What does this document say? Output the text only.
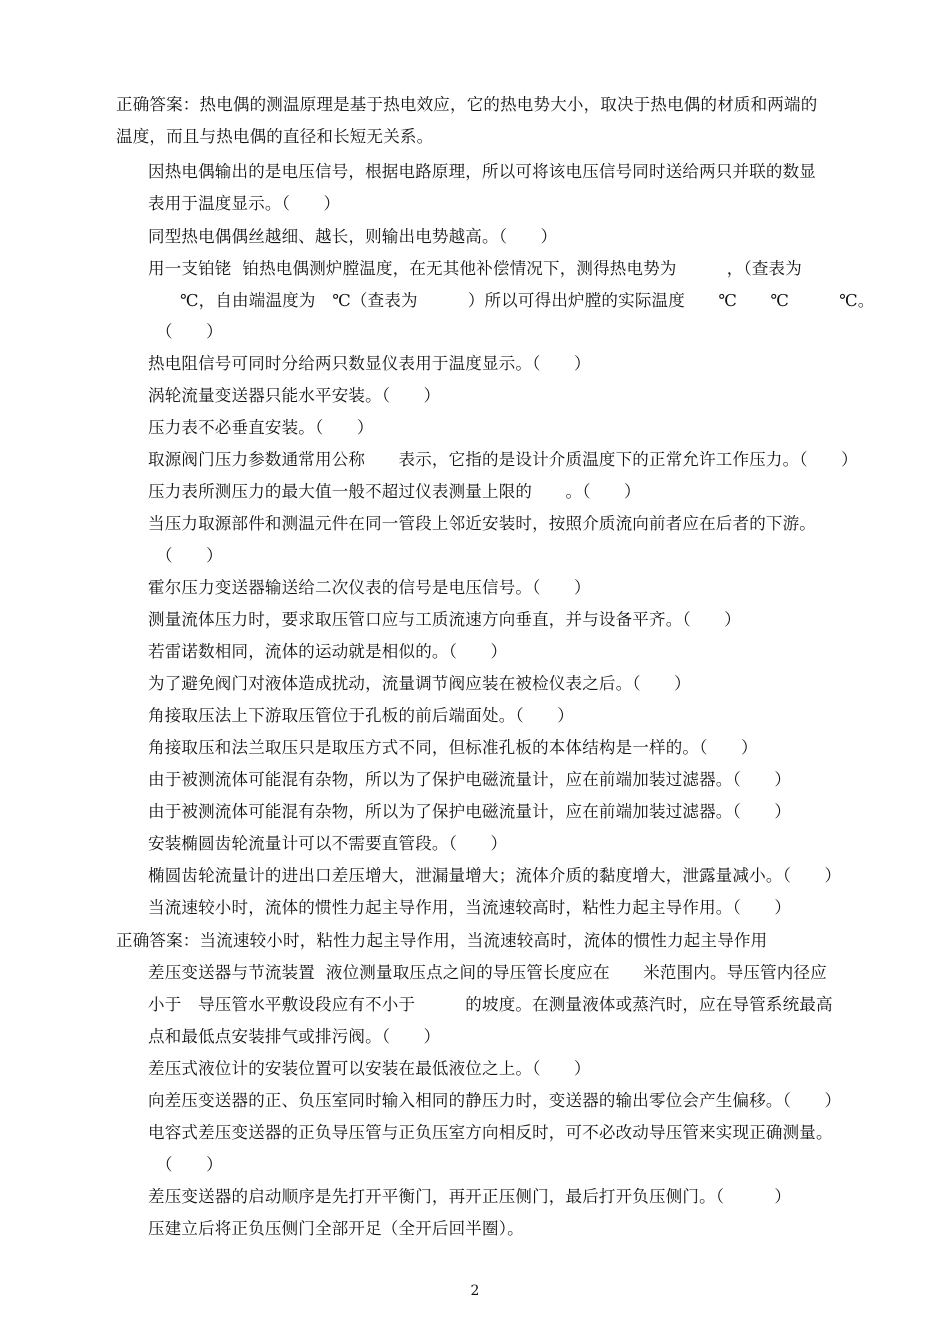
正确答案：热电偶的测温原理是基于热电效应，它的热电势大小，取决于热电偶的材质和两端的
温度，而且与热电偶的直径和长短无关系。
因热电偶输出的是电压信号，根据电路原理，所以可将该电压信号同时送给两只并联的数显
表用于温度显示。（　　）
同型热电偶偶丝越细、越长，则输出电势越高。（　　）
用一支铂铑  铂热电偶测炉膛温度，在无其他补偿情况下，测得热电势为　　　，（查表为
℃，自由端温度为　℃（查表为　　　）所以可得出炉膛的实际温度　　℃　　℃　　　℃。
（　　）
热电阻信号可同时分给两只数显仪表用于温度显示。（　　）
涡轮流量变送器只能水平安装。（　　）
压力表不必垂直安装。（　　）
取源阀门压力参数通常用公称　　表示，它指的是设计介质温度下的正常允许工作压力。（　　）
压力表所测压力的最大值一般不超过仪表测量上限的　　。（　　）
当压力取源部件和测温元件在同一管段上邻近安装时，按照介质流向前者应在后者的下游。
（　　）
霍尔压力变送器输送给二次仪表的信号是电压信号。（　　）
测量流体压力时，要求取压管口应与工质流速方向垂直，并与设备平齐。（　　）
若雷诺数相同，流体的运动就是相似的。（　　）
为了避免阀门对液体造成扰动，流量调节阀应装在被检仪表之后。（　　）
角接取压法上下游取压管位于孔板的前后端面处。（　　）
角接取压和法兰取压只是取压方式不同，但标准孔板的本体结构是一样的。（　　）
由于被测流体可能混有杂物，所以为了保护电磁流量计，应在前端加装过滤器。（　　）
由于被测流体可能混有杂物，所以为了保护电磁流量计，应在前端加装过滤器。（　　）
安装椭圆齿轮流量计可以不需要直管段。（　　）
椭圆齿轮流量计的进出口差压增大，泄漏量增大；流体介质的黏度增大，泄露量减小。（　　）
当流速较小时，流体的惯性力起主导作用，当流速较高时，粘性力起主导作用。（　　）
正确答案：当流速较小时，粘性力起主导作用，当流速较高时，流体的惯性力起主导作用
差压变送器与节流装置  液位测量取压点之间的导压管长度应在　　米范围内。导压管内径应
小于　导压管水平敷设段应有不小于　　　的坡度。在测量液体或蒸汽时，应在导管系统最高
点和最低点安装排气或排污阀。（　　）
差压式液位计的安装位置可以安装在最低液位之上。（　　）
向差压变送器的正、负压室同时输入相同的静压力时，变送器的输出零位会产生偏移。（　　）
电容式差压变送器的正负导压管与正负压室方向相反时，可不必改动导压管来实现正确测量。
（　　）
差压变送器的启动顺序是先打开平衡门，再开正压侧门，最后打开负压侧门。（　　　）
压建立后将正负压侧门全部开足（全开后回半圈）。
2
